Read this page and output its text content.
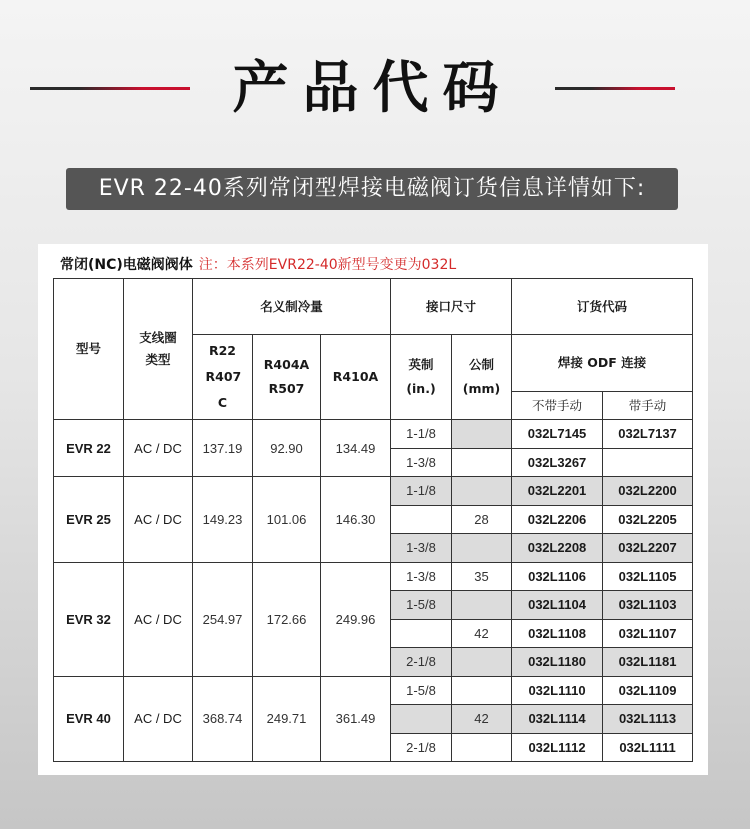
产品代码
EVR 22-40系列常闭型焊接电磁阀订货信息详情如下:
常闭(NC)电磁阀阀体 注：本系列EVR22-40新型号变更为032L
型号	支线圈类型	名义制冷量			接口尺寸		订货代码	

		R22 R407 C	R404A R507	R410A	英制 (in.)	公制 (mm)	焊接 ODF 连接	
							不带手动	带手动
EVR 22	AC / DC	137.19	92.90	134.49	1-1/8		032L7145	032L7137
					1-3/8		032L3267	
EVR 25	AC / DC	149.23	101.06	146.30	1-1/8		032L2201	032L2200
						28	032L2206	032L2205
					1-3/8		032L2208	032L2207
EVR 32	AC / DC	254.97	172.66	249.96	1-3/8	35	032L1106	032L1105
					1-5/8		032L1104	032L1103
						42	032L1108	032L1107
					2-1/8		032L1180	032L1181
EVR 40	AC / DC	368.74	249.71	361.49	1-5/8		032L1110	032L1109
						42	032L1114	032L1113
					2-1/8		032L1112	032L1111
